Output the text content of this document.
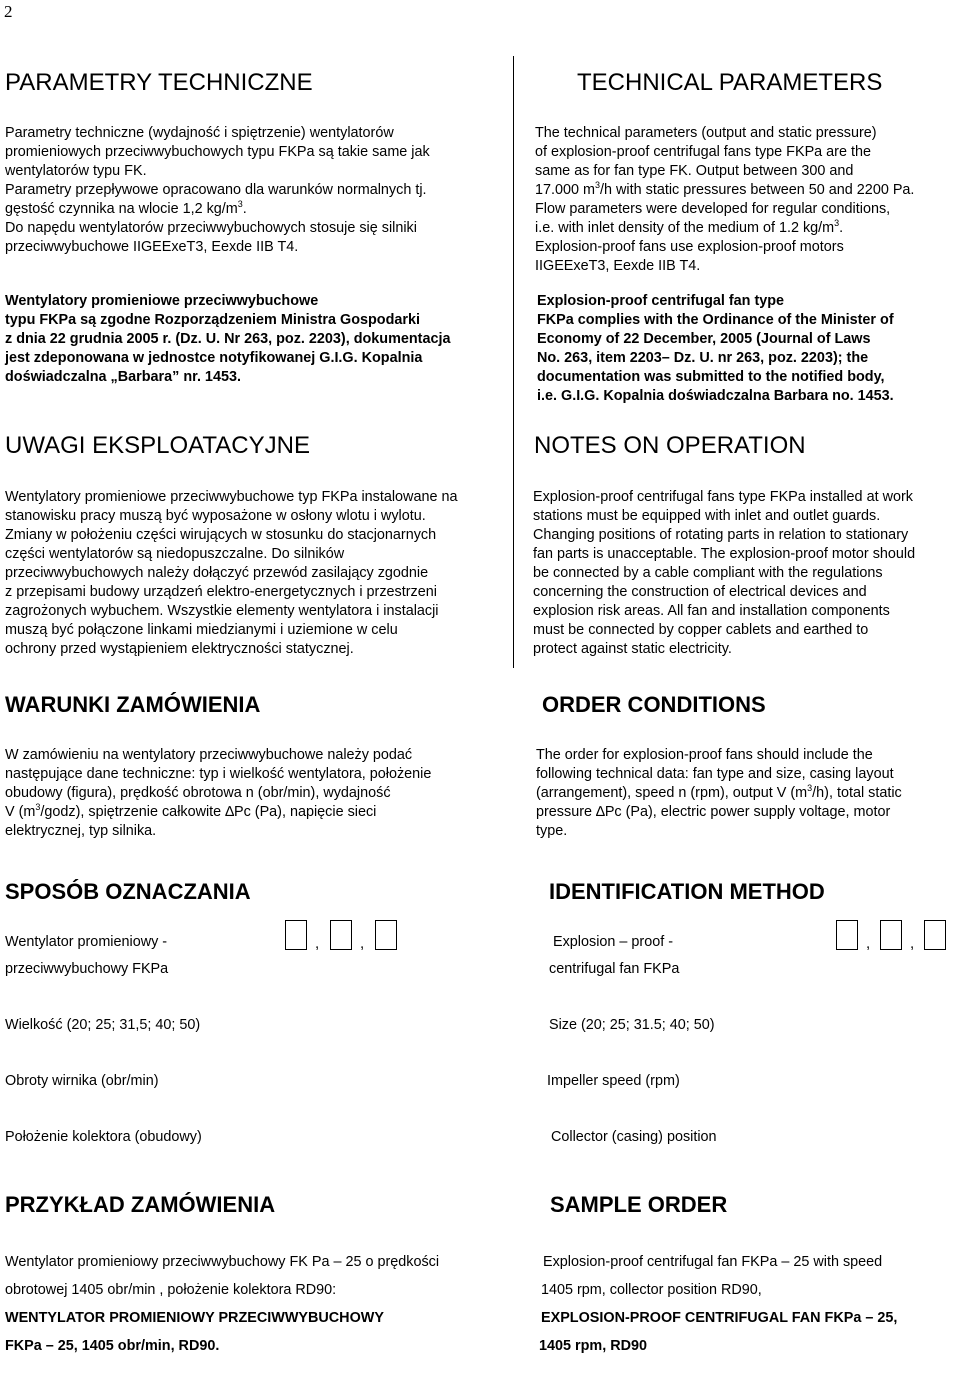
2
PARAMETRY TECHNICZNE
Parametry techniczne (wydajność i spiętrzenie) wentylatorów
promieniowych przeciwwybuchowych typu FKPa są takie same jak
wentylatorów typu FK.
Parametry przepływowe opracowano dla warunków normalnych tj.
gęstość czynnika na wlocie 1,2 $kg/m^3$.
Do napędu wentylatorów przeciwwybuchowych stosuje się silniki
przeciwwybuchowe IIGEExeT3, Eexde IIB T4.
Wentylatory promieniowe przeciwwybuchowe
typu FKPa są zgodne Rozporządzeniem Ministra Gospodarki
z dnia 22 grudnia 2005 r. (Dz. U. Nr 263, poz. 2203), dokumentacja
jest zdeponowana w jednostce notyfikowanej G.I.G. Kopalnia
doświadczalna „Barbara” nr. 1453.
UWAGI EKSPLOATACYJNE
Wentylatory promieniowe przeciwwybuchowe typ FKPa instalowane na
stanowisku pracy muszą być wyposażone w osłony wlotu i wylotu.
Zmiany w położeniu części wirujących w stosunku do stacjonarnych
części wentylatorów są niedopuszczalne. Do silników
przeciwwybuchowych należy dołączyć przewód zasilający zgodnie
z przepisami budowy urządzeń elektro-energetycznych i przestrzeni
zagrożonych wybuchem. Wszystkie elementy wentylatora i instalacji
muszą być połączone linkami miedzianymi i uziemione w celu
ochrony przed wystąpieniem elektryczności statycznej.
WARUNKI ZAMÓWIENIA
W zamówieniu na wentylatory przeciwwybuchowe należy podać
następujące dane techniczne: typ i wielkość wentylatora, położenie
obudowy (figura), prędkość obrotowa n (obr/min), wydajność
V $(m^3/godz)$, spiętrzenie całkowite ∆Pc (Pa), napięcie sieci
elektrycznej, typ silnika.
SPOSÓB OZNACZANIA
Wentylator promieniowy -
przeciwwybuchowy FKPa
,	,
Wielkość (20; 25; 31,5; 40; 50)
Obroty wirnika (obr/min)
Położenie kolektora (obudowy)
PRZYKŁAD ZAMÓWIENIA
Wentylator promieniowy przeciwwybuchowy FK Pa – 25 o prędkości
obrotowej 1405 obr/min , położenie kolektora RD90:
WENTYLATOR PROMIENIOWY PRZECIWWYBUCHOWY
FKPa – 25, 1405 obr/min, RD90.
TECHNICAL PARAMETERS
The technical parameters (output and static pressure)
of explosion-proof centrifugal fans type FKPa are the
same as for fan type FK. Output between 300 and
17.000 $m^3/h$ with static pressures between 50 and 2200 Pa.
Flow parameters were developed for regular conditions,
i.e. with inlet density of the medium of 1.2 $kg/m^3$.
Explosion-proof fans use explosion-proof motors
IIGEExeT3, Eexde IIB T4.
Explosion-proof centrifugal fan type
FKPa complies with the Ordinance of the Minister of
Economy of 22 December, 2005 (Journal of Laws
No. 263, item 2203– Dz. U. nr 263, poz. 2203); the
documentation was submitted to the notified body,
i.e. G.I.G. Kopalnia doświadczalna Barbara no. 1453.
NOTES ON OPERATION
Explosion-proof centrifugal fans type FKPa installed at work
stations must be equipped with inlet and outlet guards.
Changing positions of rotating parts in relation to stationary
fan parts is unacceptable. The explosion-proof motor should
be connected by a cable compliant with the regulations
concerning the construction of electrical devices and
explosion risk areas. All fan and installation components
must be connected by copper cablets and earthed to
protect against static electricity.
ORDER CONDITIONS
The order for explosion-proof fans should include the
following technical data: fan type and size, casing layout
(arrangement), speed n (rpm), output V $(m^3/h)$, total static
pressure ∆Pc (Pa), electric power supply voltage, motor
type.
IDENTIFICATION METHOD
Explosion – proof -
centrifugal fan FKPa
,	,
Size (20; 25; 31.5; 40; 50)
Impeller speed (rpm)
Collector (casing) position
SAMPLE ORDER
Explosion-proof centrifugal fan FKPa – 25 with speed
1405 rpm, collector position RD90,
EXPLOSION-PROOF CENTRIFUGAL FAN FKPa – 25,
1405 rpm, RD90
